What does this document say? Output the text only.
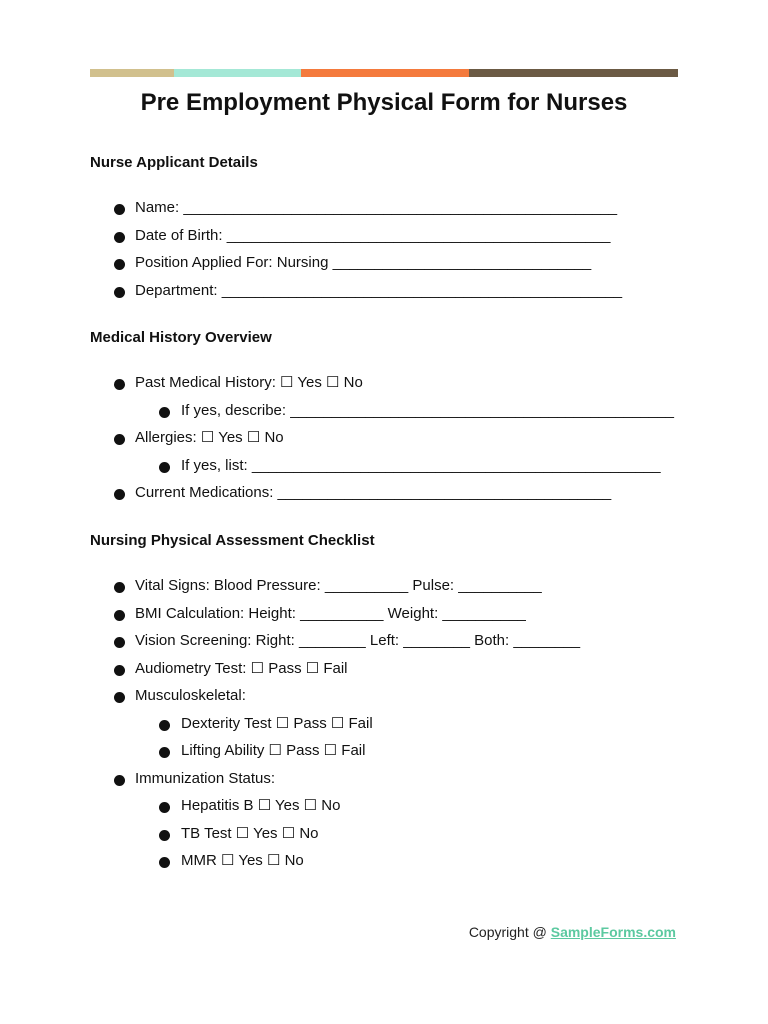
Pre Employment Physical Form for Nurses
Nurse Applicant Details
Name: ____________________________________________________
Date of Birth: ______________________________________________
Position Applied For: Nursing _______________________________
Department: ________________________________________________
Medical History Overview
Past Medical History: ☐ Yes ☐ No
If yes, describe: ______________________________________________
Allergies: ☐ Yes ☐ No
If yes, list: _________________________________________________
Current Medications: ________________________________________
Nursing Physical Assessment Checklist
Vital Signs: Blood Pressure: __________ Pulse: __________
BMI Calculation: Height: __________ Weight: __________
Vision Screening: Right: ________ Left: ________ Both: ________
Audiometry Test: ☐ Pass ☐ Fail
Musculoskeletal:
Dexterity Test ☐ Pass ☐ Fail
Lifting Ability ☐ Pass ☐ Fail
Immunization Status:
Hepatitis B ☐ Yes ☐ No
TB Test ☐ Yes ☐ No
MMR ☐ Yes ☐ No
Copyright @ SampleForms.com
